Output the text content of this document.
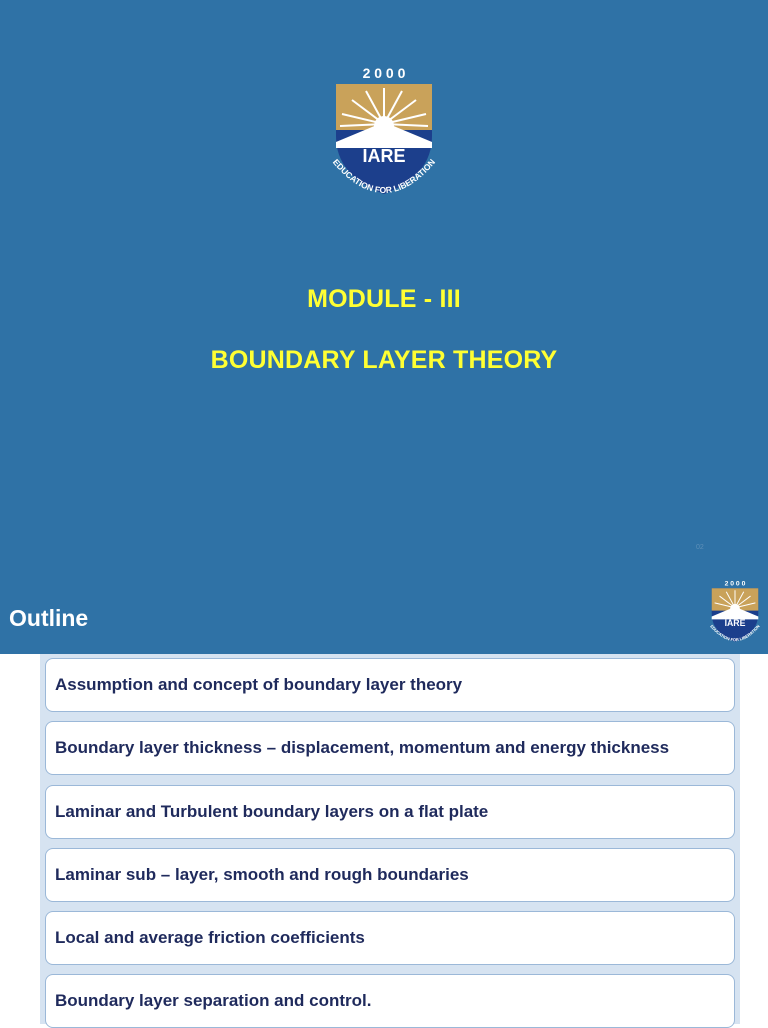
2 0 0 0
IARE
EDUCATION FOR LIBERATION
MODULE - III
BOUNDARY LAYER THEORY
02
Outline
2 0 0 0
IARE
EDUCATION FOR LIBERATION
Assumption and concept of boundary layer theory
Boundary layer thickness – displacement, momentum and energy thickness
Laminar and Turbulent boundary layers on a flat plate
Laminar sub – layer, smooth and rough boundaries
Local and average friction coefficients
Boundary layer separation and control.
